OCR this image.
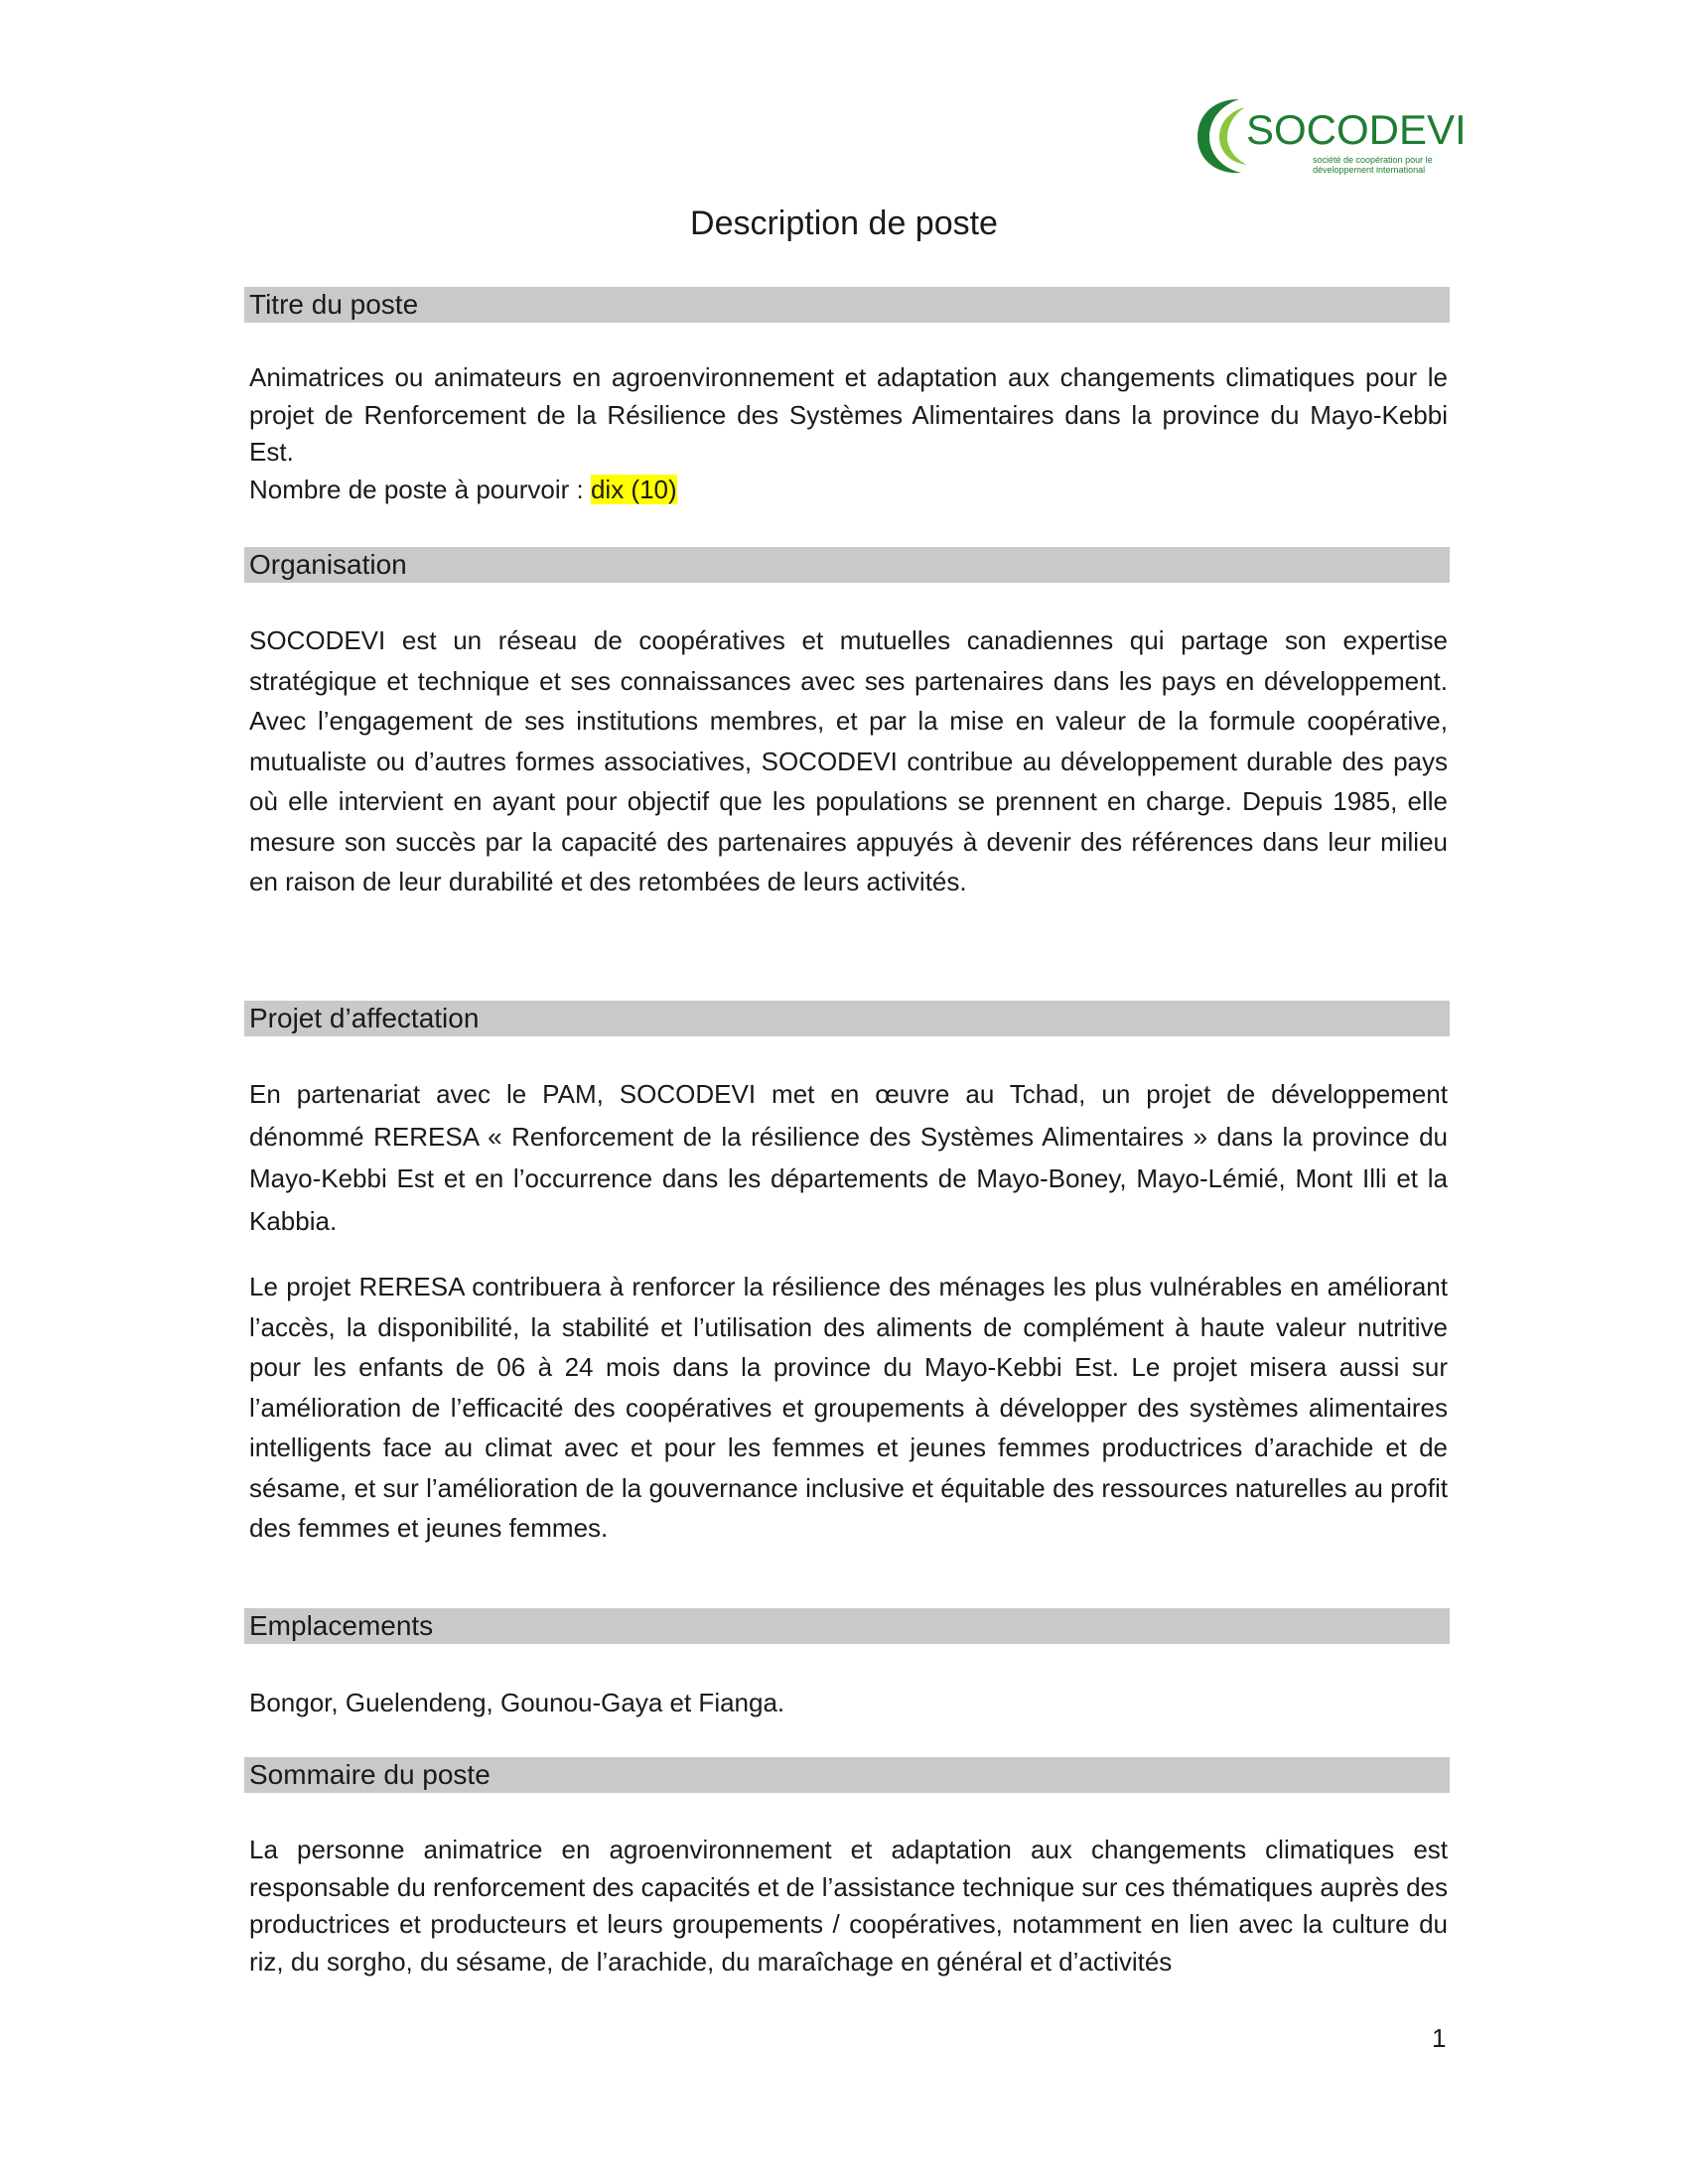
SOCODEVI
société de coopération pour le
développement international
Description de poste
Titre du poste

Animatrices ou animateurs en agroenvironnement et adaptation aux changements climatiques pour le projet de Renforcement de la Résilience des Systèmes Alimentaires dans la province du Mayo-Kebbi Est.

Nombre de poste à pourvoir : dix (10)

Organisation

SOCODEVI est un réseau de coopératives et mutuelles canadiennes qui partage son expertise stratégique et technique et ses connaissances avec ses partenaires dans les pays en développement. Avec l’engagement de ses institutions membres, et par la mise en valeur de la formule coopérative, mutualiste ou d’autres formes associatives, SOCODEVI contribue au développement durable des pays où elle intervient en ayant pour objectif que les populations se prennent en charge. Depuis 1985, elle mesure son succès par la capacité des partenaires appuyés à devenir des références dans leur milieu en raison de leur durabilité et des retombées de leurs activités.

Projet d’affectation

En partenariat avec le PAM, SOCODEVI met en œuvre au Tchad, un projet de développement dénommé RERESA « Renforcement de la résilience des Systèmes Alimentaires » dans la province du Mayo-Kebbi Est et en l’occurrence dans les départements de Mayo-Boney, Mayo-Lémié, Mont Illi et la Kabbia.

Le projet RERESA contribuera à renforcer la résilience des ménages les plus vulnérables en améliorant l’accès, la disponibilité, la stabilité et l’utilisation des aliments de complément à haute valeur nutritive pour les enfants de 06 à 24 mois dans la province du Mayo-Kebbi Est. Le projet misera aussi sur l’amélioration de l’efficacité des coopératives et groupements à développer des systèmes alimentaires intelligents face au climat avec et pour les femmes et jeunes femmes productrices d’arachide et de sésame, et sur l’amélioration de la gouvernance inclusive et équitable des ressources naturelles au profit des femmes et jeunes femmes.

Emplacements

Bongor, Guelendeng, Gounou-Gaya et Fianga.

Sommaire du poste

La personne animatrice en agroenvironnement et adaptation aux changements climatiques est responsable du renforcement des capacités et de l’assistance technique sur ces thématiques auprès des productrices et producteurs et leurs groupements / coopératives, notamment en lien avec la culture du riz, du sorgho, du sésame, de l’arachide, du maraîchage en général et d’activités

1
